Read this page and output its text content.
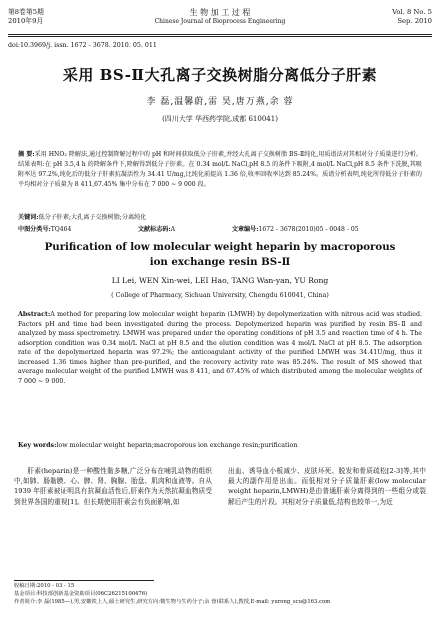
第8卷第5期
2010年9月
生 物 加 工 过 程
Chinese Journal of Bioprocess Engineering
Vol. 8 No. 5
Sep. 2010
doi:10.3969/j. issn. 1672 - 3678. 2010. 05. 011
采用 BS-Ⅱ大孔离子交换树脂分离低分子肝素
李 磊,温馨蔚,雷 昊,唐万燕,余 蓉
(四川大学 华西药学院,成都 610041)
摘 要:采用 HNO₂ 降解法,通过控制降解过程中的 pH 和时间获取低分子肝素,并经大孔离子交换树脂 BS-Ⅱ纯化,用质谱法对其相对分子质量进行分析。结果表明:在 pH 3.5,4 h 的降解条件下,降解得到低分子肝素。在 0.34 mol/L NaCl,pH 8.5 的条件下吸附,4 mol/L NaCl,pH 8.5 条件下洗脱,其吸附率达 97.2%,纯化后的低分子肝素抗凝活性为 34.41 U/mg,比纯化前提高 1.36 倍,收率回收率达到 85.24%。质谱分析表明,纯化所得低分子肝素的平均相对分子质量为 8 411,67.45% 集中分布在 7 000 ~ 9 000 段。
关键词:低分子肝素;大孔离子交换树脂;分离纯化
中图分类号:TQ464	文献标志码:A	文章编号:1672 - 3678(2010)05 - 0048 - 05
Purification of low molecular weight heparin by macroporous
ion exchange resin BS-Ⅱ
LI Lei, WEN Xin-wei, LEI Hao, TANG Wan-yan, YU Rong
( College of Pharmacy, Sichuan University, Chengdu 610041, China)
Abstract:A method for preparing low molecular weight heparin (LMWH) by depolymerization with nitrous acid was studied. Factors pH and time had been investigated during the process. Depolymerized heparin was purified by resin BS-Ⅱ and analyzed by mass spectrometry. LMWH was prepared under the operating conditions of pH 3.5 and reaction time of 4 h. The adsorption condition was 0.34 mol/L NaCl at pH 8.5 and the elution condition was 4 mol/L NaCl at pH 8.5. The adsorption rate of the depolymerized heparin was 97.2%; the anticoagulant activity of the purified LMWH was 34.41U/mg, thus it increased 1.36 times higher than pre-purified, and the recovery activity rate was 85.24%. The result of MS showed that average molecular weight of the purified LMWH was 8 411, and 67.45% of which distributed among the molecular weights of 7 000 ~ 9 000.
Key words:low molecular weight heparin;macroporous ion exchange resin;purification
肝素(heparin)是一种酸性黏多糖,广泛分布在哺乳动物的组织中,如肺、肠黏膜、心、脾、肾、胸腺、胎盘、肌肉和血液等。自从 1939 年肝素被证明具有抗凝血活性后,肝素作为天然抗凝血物质受到世界各国的重视[1]。但长期使用肝素会有负面影响,如
出血、诱导血小板减少、皮肤坏死、脱发和骨质疏松[2-3]等,其中最大的副作用是出血。而低相对分子质量肝素(low molecular weight heparin,LMWH)是由普通肝素分离得到的一些组分或裂解后产生的片段。其相对分子质量低,结构也较单一,为近
收稿日期:2010 - 03 - 15
基金项目:科技部创新基金资助项目(06C26215100476)
作者简介:李 磊(1985—),男,安徽铁上人,硕士研究生,研究方向:微生物与生药分子;余 蓉(联系人),教授,E-mail: yurong_scu@163.com
